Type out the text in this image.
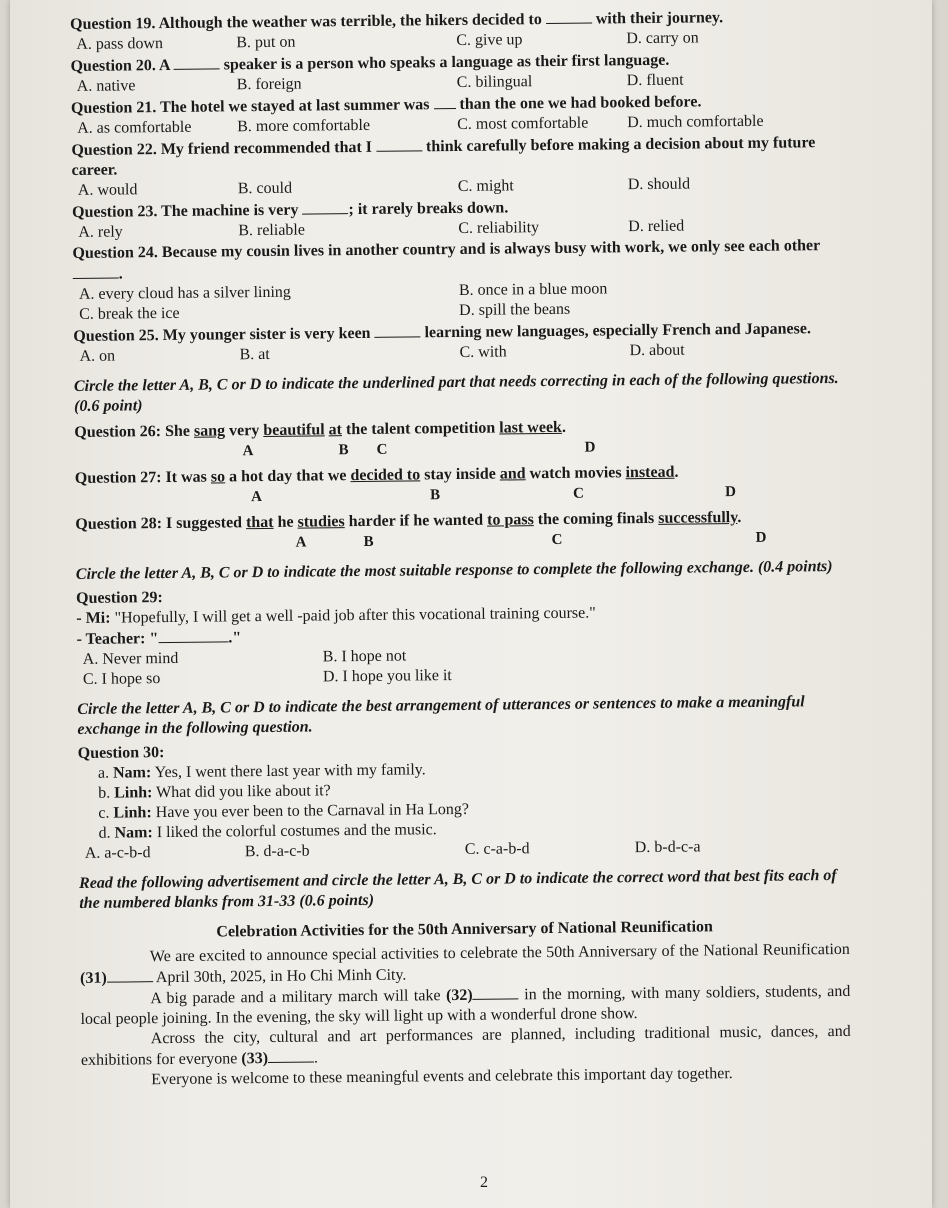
Question 19. Although the weather was terrible, the hikers decided to	with their journey.

A. pass down	B. put on	C. give up	D. carry on

Question 20. A	speaker is a person who speaks a language as their first language.

A. native	B. foreign	C. bilingual	D. fluent

Question 21. The hotel we stayed at last summer was  than the one we had booked before.

A. as comfortable	B. more comfortable	C. most comfortable	D. much comfortable

Question 22. My friend recommended that I	think carefully before making a decision about my future career.

A. would	B. could	C. might	D. should

Question 23. The machine is very	; it rarely breaks down.

A. rely	B. reliable	C. reliability	D. relied

Question 24. Because my cousin lives in another country and is always busy with work, we only see each other .

A. every cloud has a silver lining	B. once in a blue moon
C. break the ice	D. spill the beans

Question 25. My younger sister is very keen	learning new languages, especially French and Japanese.

A. on	B. at	C. with	D. about

Circle the letter A, B, C or D to indicate the underlined part that needs correcting in each of the following questions. (0.6 point)

Question 26: She sang very beautiful at the talent competition last week.
A	B C	D
Question 27: It was so a hot day that we decided to stay inside and watch movies instead.
A	B	C	D
Question 28: I suggested that he studies harder if he wanted to pass the coming finals successfully.
A	B	C	D

Circle the letter A, B, C or D to indicate the most suitable response to complete the following exchange. (0.4 points)

Question 29:

- Mi: "Hopefully, I will get a well -paid job after this vocational training course."

- Teacher: "	."

A. Never mind	B. I hope not
C. I hope so	D. I hope you like it

Circle the letter A, B, C or D to indicate the best arrangement of utterances or sentences to make a meaningful exchange in the following question.

Question 30:

a. Nam: Yes, I went there last year with my family.
b. Linh: What did you like about it?
c. Linh: Have you ever been to the Carnaval in Ha Long?
d. Nam: I liked the colorful costumes and the music.
A. a-c-b-d	B. d-a-c-b	C. c-a-b-d	D. b-d-c-a

Read the following advertisement and circle the letter A, B, C or D to indicate the correct word that best fits each of the numbered blanks from 31-33 (0.6 points)

Celebration Activities for the 50th Anniversary of National Reunification

We are excited to announce special activities to celebrate the 50th Anniversary of the National Reunification (31)	April 30th, 2025, in Ho Chi Minh City.

A big parade and a military march will take (32)	in the morning, with many soldiers, students, and local people joining. In the evening, the sky will light up with a wonderful drone show.

Across the city, cultural and art performances are planned, including traditional music, dances, and exhibitions for everyone (33)	.

Everyone is welcome to these meaningful events and celebrate this important day together.

2
